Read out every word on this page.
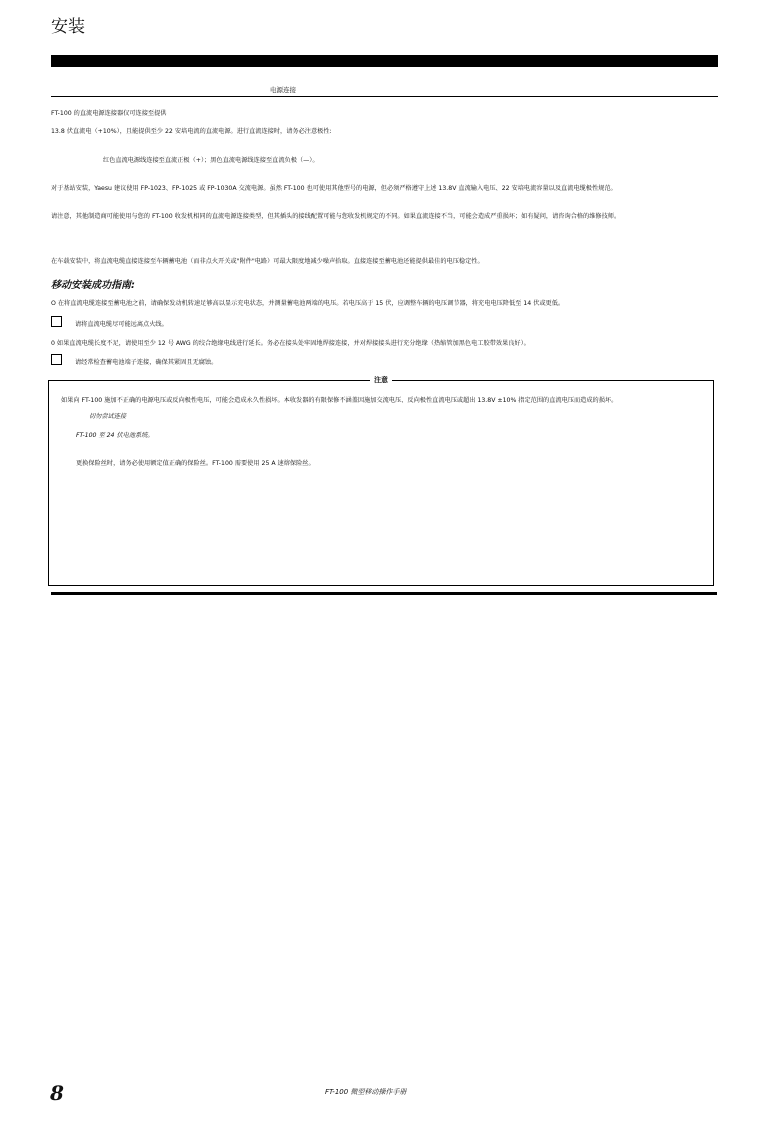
安装
电源连接
FT-100 的直流电源连接器仅可连接至提供
13.8 伏直流电（+10%），且能提供至少 22 安培电流的直流电源。进行直流连接时，请务必注意极性:
红色直流电源线连接至直流正极（+）；黑色直流电源线连接至直流负极（—）。
对于基站安装，Yaesu 建议使用 FP-1023、FP-1025 或 FP-1030A 交流电源。虽然 FT-100 也可使用其他型号的电源，但必须严格遵守上述 13.8V 直流输入电压、22 安培电流容量以及直流电缆极性规范。
请注意，其他制造商可能使用与您的 FT-100 收发机相同的直流电源连接类型，但其插头的接线配置可能与您收发机规定的不同。如果直流连接不当，可能会造成严重损坏；如有疑问，请咨询合格的维修技师。
在车载安装中，将直流电缆直接连接至车辆蓄电池（而非点火开关或"附件"电路）可最大限度地减少噪声拾取。直接连接至蓄电池还能提供最佳的电压稳定性。
移动安装成功指南:
O 在将直流电缆连接至蓄电池之前，请确保发动机转速足够高以显示充电状态，并测量蓄电池两端的电压。若电压高于 15 伏，应调整车辆的电压调节器，将充电电压降低至 14 伏或更低。
请将直流电缆尽可能远离点火线。
0 如果直流电缆长度不足，请使用至少 12 号 AWG 的绞合绝缘电线进行延长。务必在接头处牢固地焊接连接，并对焊接接头进行充分绝缘（热缩管加黑色电工胶带效果良好）。
请经常检查蓄电池端子连接，确保其紧固且无腐蚀。
注意
如果向 FT-100 施加不正确的电源电压或反向极性电压，可能会造成永久性损坏。本收发器的有限保修不涵盖因施加交流电压、反向极性直流电压或超出 13.8V ±10% 指定范围的直流电压而造成的损坏。
切勿尝试连接
FT-100 至 24 伏电池系统。
更换保险丝时，请务必使用额定值正确的保险丝。FT-100 需要使用 25 A 速熔保险丝。
8	FT-100 微型移动操作手册
